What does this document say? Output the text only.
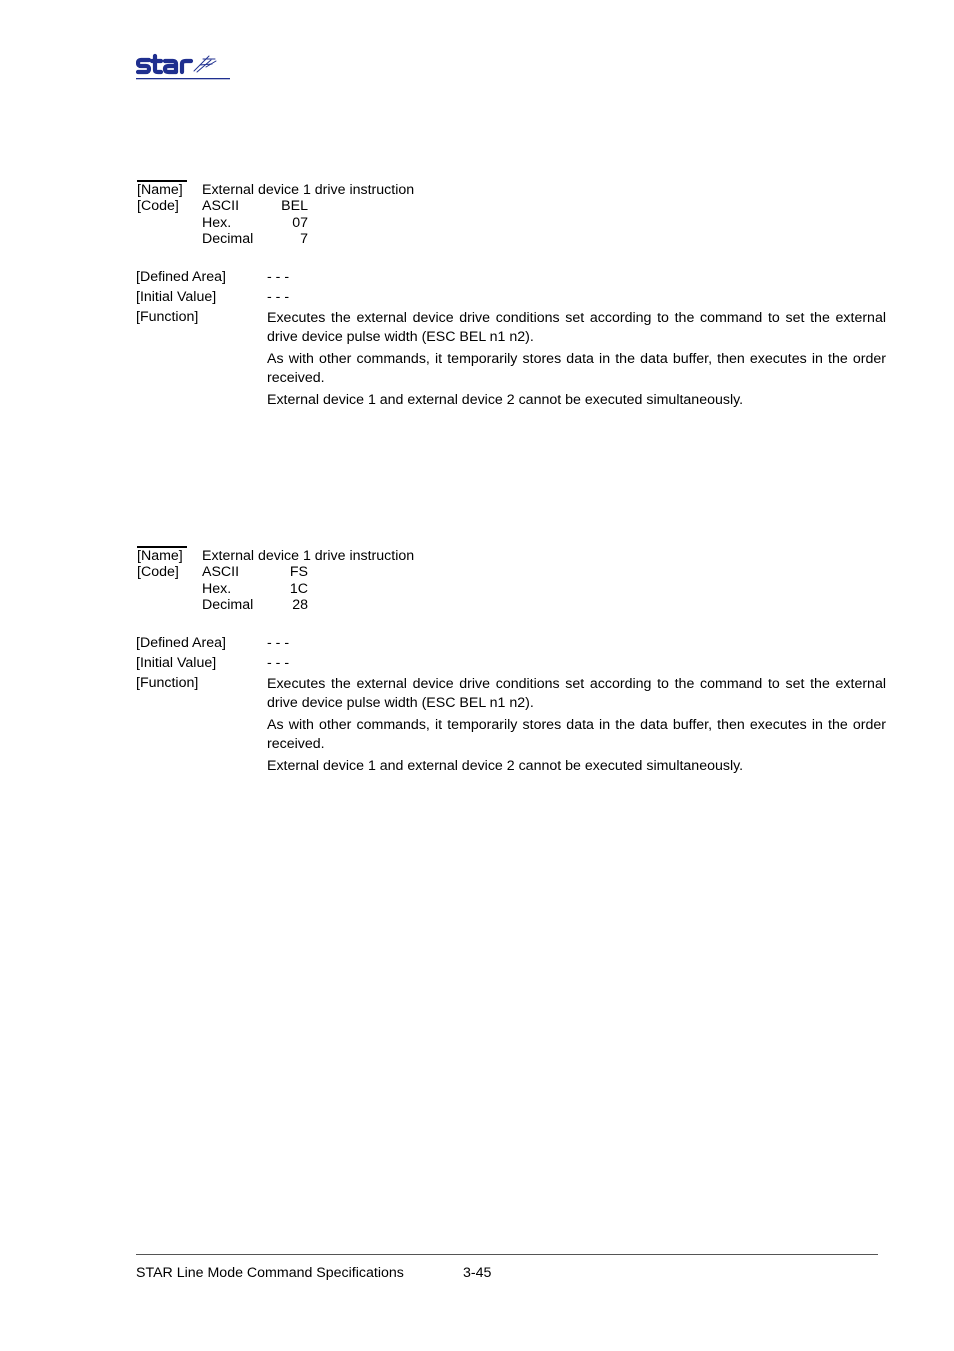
[Name] External device 1 drive instruction
[Code] ASCII	BEL
Hex.	07
Decimal	7
[Defined Area]	- - -
[Initial Value]	- - -
[Function]	Executes the external device drive conditions set according to the command to set the external drive device pulse width (ESC BEL n1 n2).

As with other commands, it temporarily stores data in the data buffer, then executes in the order received.

External device 1 and external device 2 cannot be executed simultaneously.

[Name] External device 1 drive instruction
[Code] ASCII	FS
Hex.	1C
Decimal	28
[Defined Area]	- - -
[Initial Value]	- - -
[Function]	Executes the external device drive conditions set according to the command to set the external drive device pulse width (ESC BEL n1 n2).

As with other commands, it temporarily stores data in the data buffer, then executes in the order received.

External device 1 and external device 2 cannot be executed simultaneously.

STAR Line Mode Command Specifications	3-45
